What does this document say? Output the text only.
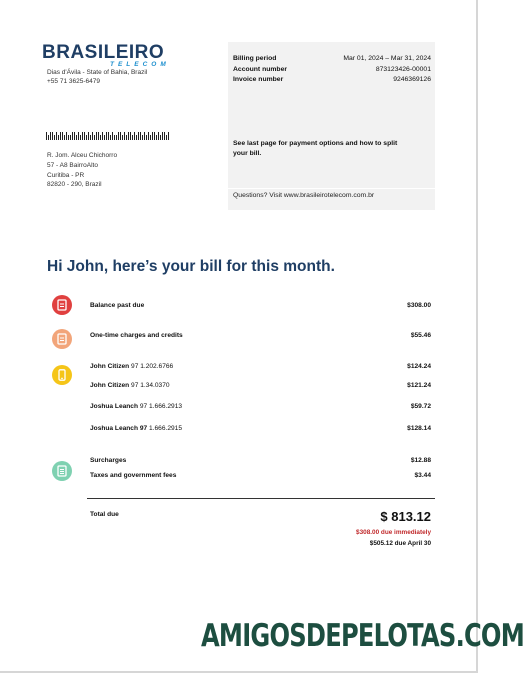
BRASILEIRO
TELECOM
Dias d'Ávila - State of Bahia, Brazil
+55 71 3625-6479
Billing period	Mar 01, 2024 – Mar 31, 2024
Account number	873123426-00001
Invoice number	9246369126
See last page for payment options and how to split your bill.
Questions? Visit www.brasileirotelecom.com.br
R. Jom. Alceu Chichorro
57 - A8 BairroAlto
Curitiba - PR
82820 - 290, Brazil
Hi John, here’s your bill for this month.
Balance past due	$308.00
One-time charges and credits	$55.46
John Citizen 97 1.202.6766	$124.24
John Citizen 97 1.34.0370	$121.24
Joshua Leanch 97 1.666.2913	$59.72
Joshua Leanch 97 1.666.2915	$128.14
Surcharges	$12.88
Taxes and government fees	$3.44
Total due	$ 813.12
$308.00 due immediately
$505.12 due April 30
AMIGOSDEPELOTAS.COM
